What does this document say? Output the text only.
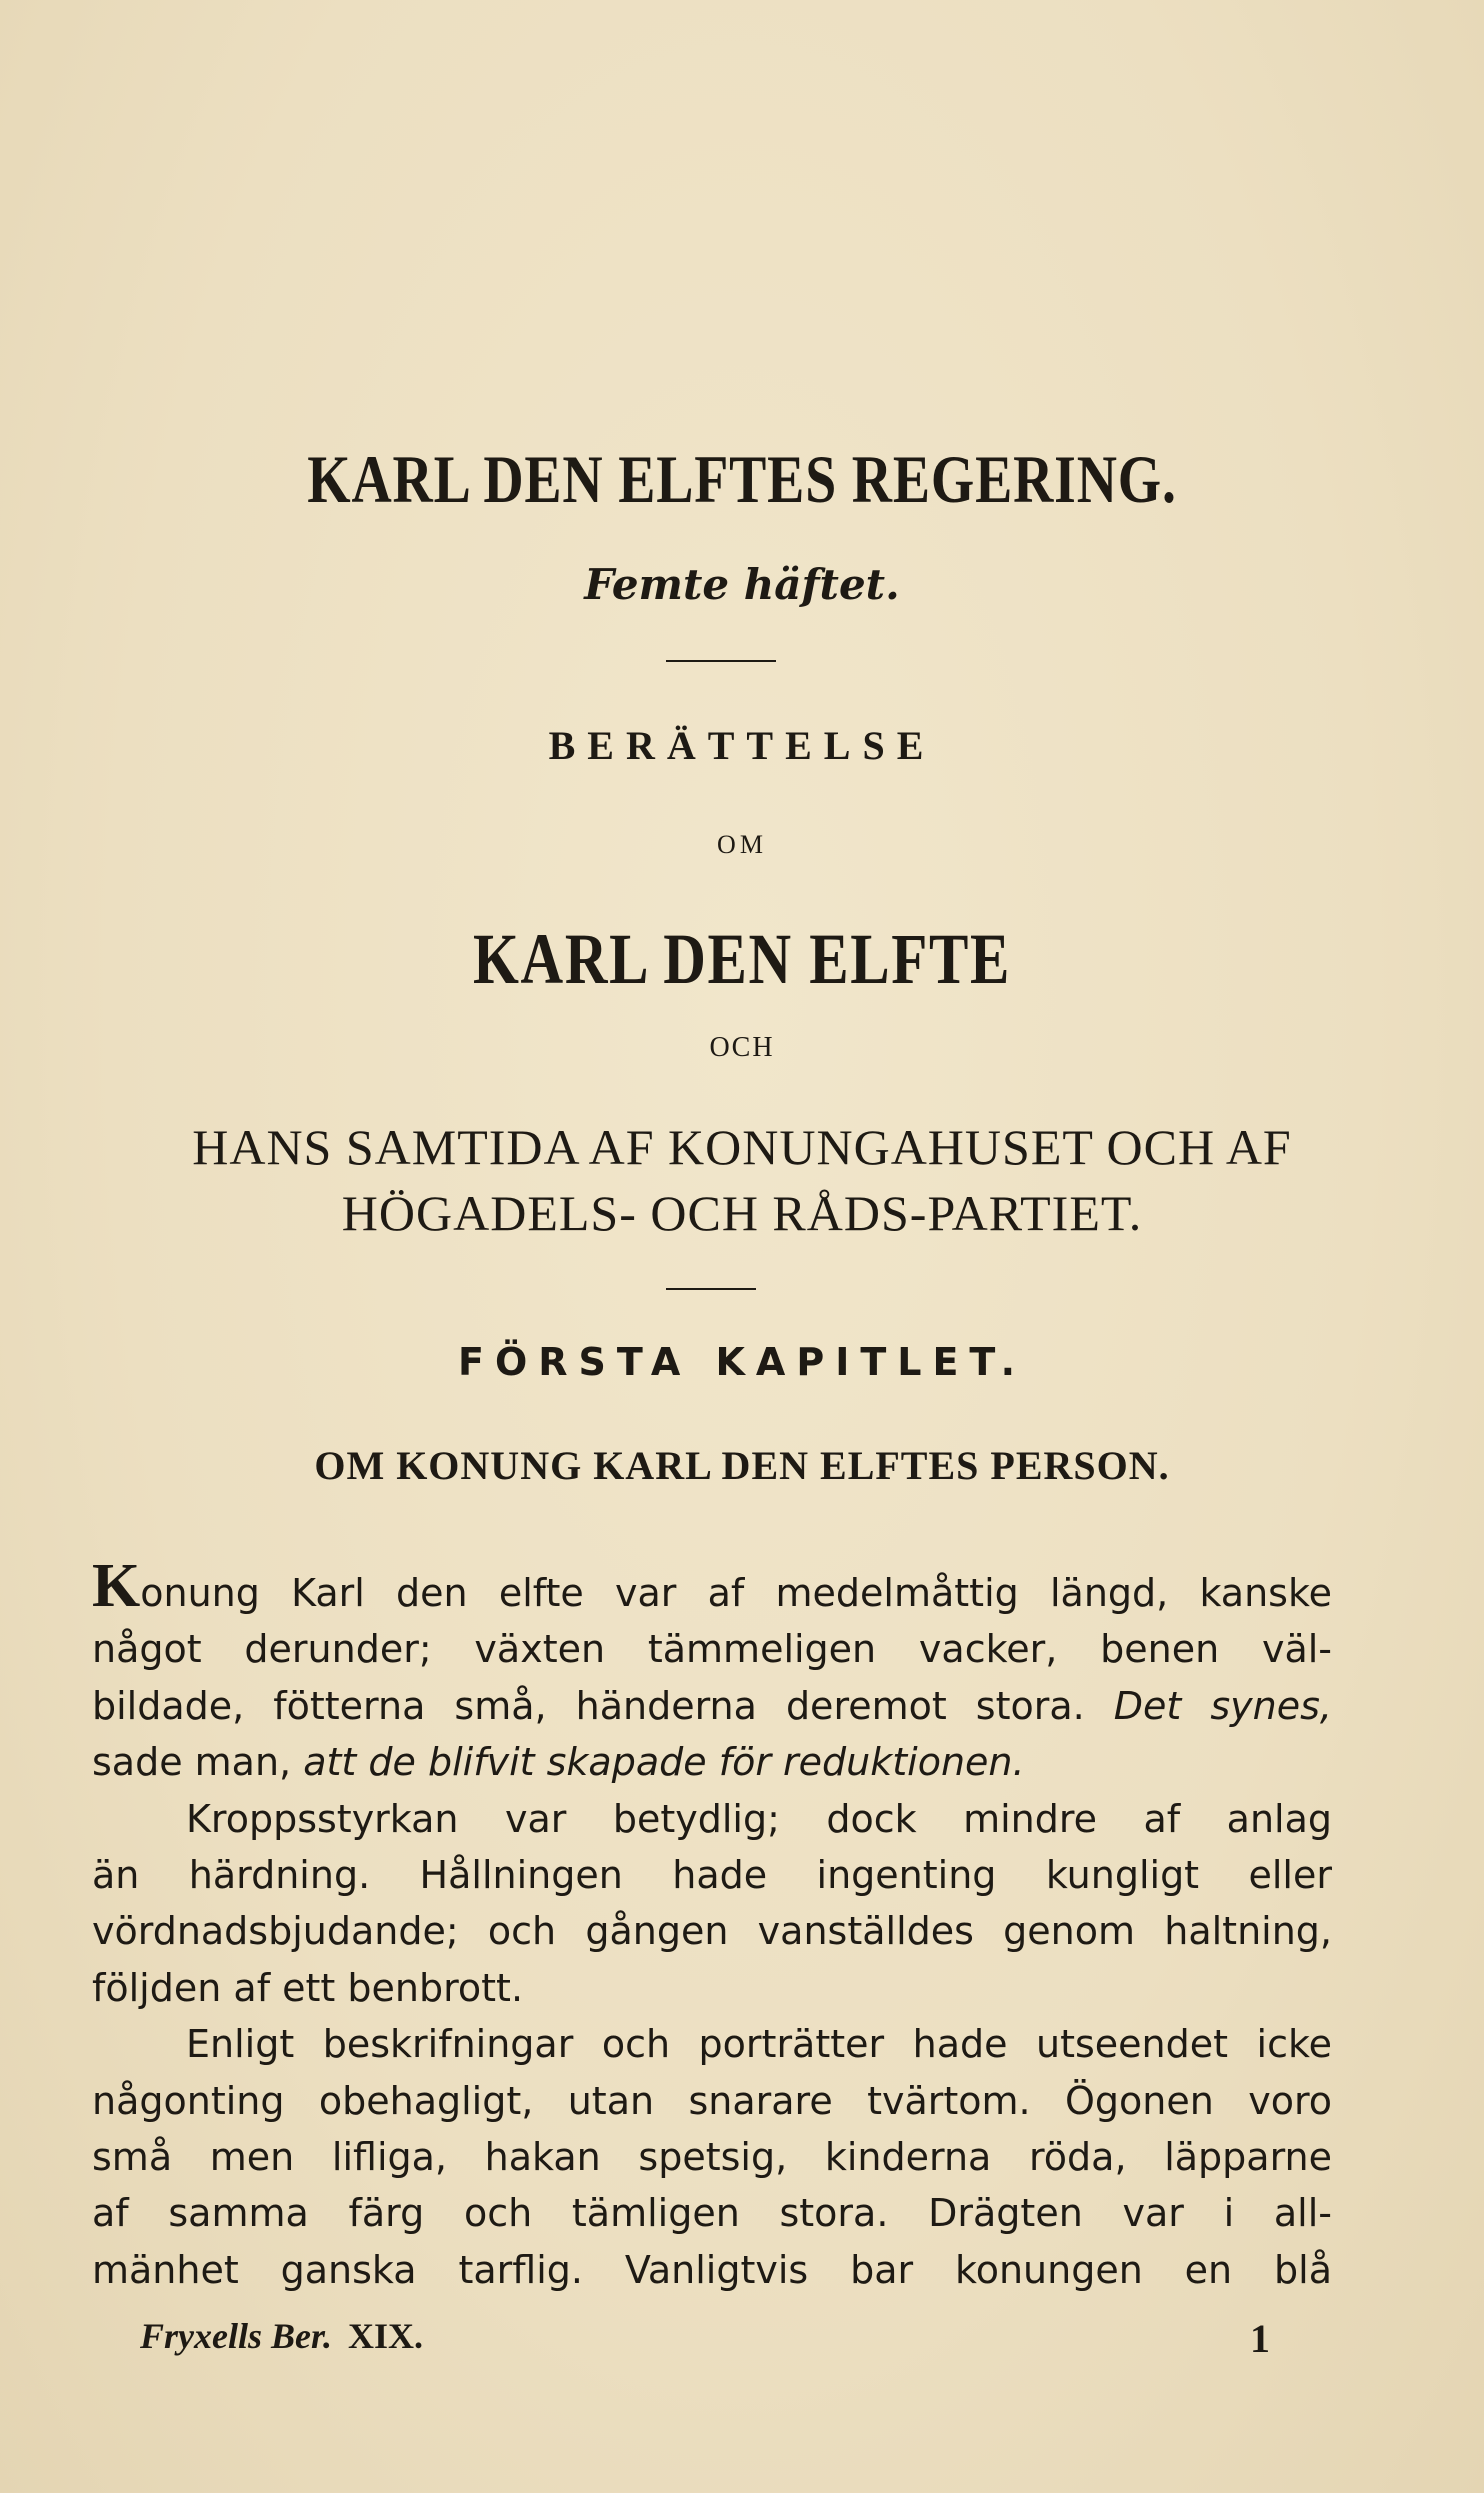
KARL DEN ELFTES REGERING.
Femte häftet.
BERÄTTELSE
OM
KARL DEN ELFTE
OCH
HANS SAMTIDA AF KONUNGAHUSET OCH AF
HÖGADELS- OCH RÅDS-PARTIET.
FÖRSTA KAPITLET.
OM KONUNG KARL DEN ELFTES PERSON.
Konung Karl den elfte var af medelmåttig längd, kanske
något derunder; växten tämmeligen vacker, benen väl-
bildade, fötterna små, händerna deremot stora. Det synes,
sade man, att de blifvit skapade för reduktionen.
Kroppsstyrkan var betydlig; dock mindre af anlag
än härdning. Hållningen hade ingenting kungligt eller
vördnadsbjudande; och gången vanställdes genom haltning,
följden af ett benbrott.
Enligt beskrifningar och porträtter hade utseendet icke
någonting obehagligt, utan snarare tvärtom. Ögonen voro
små men lifliga, hakan spetsig, kinderna röda, läpparne
af samma färg och tämligen stora. Drägten var i all-
mänhet ganska tarflig. Vanligtvis bar konungen en blå
Fryxells Ber. XIX.	1
